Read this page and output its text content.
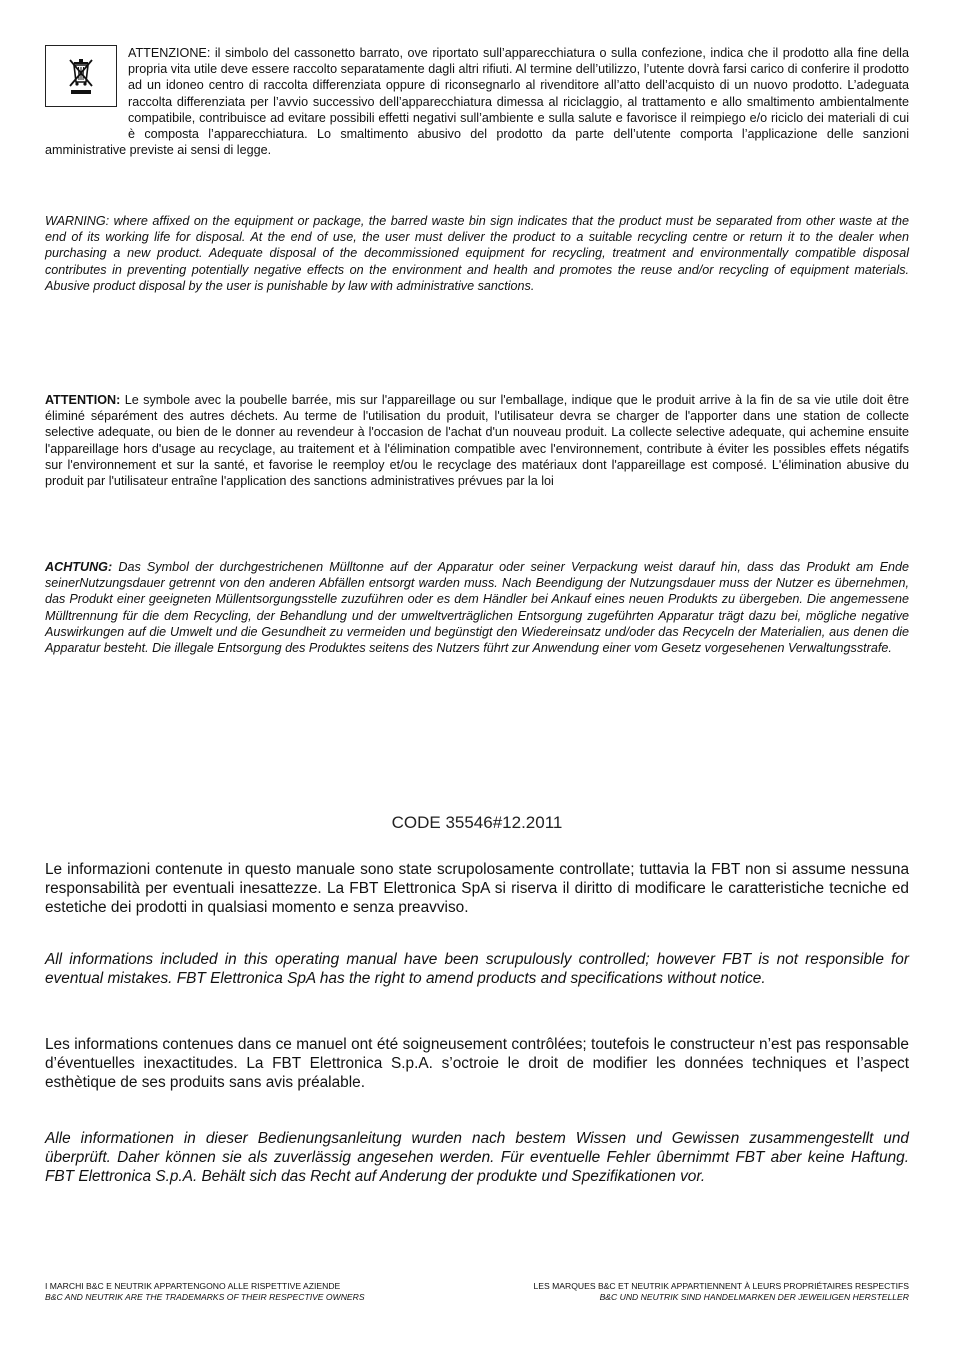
ATTENZIONE: il simbolo del cassonetto barrato, ove riportato sull’apparecchiatura o sulla confezione, indica che il prodotto alla fine della propria vita utile deve essere raccolto separatamente dagli altri rifiuti. Al termine dell’utilizzo, l’utente dovrà farsi carico di conferire il prodotto ad un idoneo centro di raccolta differenziata oppure di riconsegnarlo al rivenditore all’atto dell’acquisto di un nuovo prodotto. L’adeguata raccolta differenziata per l’avvio successivo dell’apparecchiatura dimessa al riciclaggio, al trattamento e allo smaltimento ambientalmente compatibile, contribuisce ad evitare possibili effetti negativi sull’ambiente e sulla salute e favorisce il reimpiego e/o riciclo dei materiali di cui è composta l’apparecchiatura. Lo smaltimento abusivo del prodotto da parte dell’utente comporta l’applicazione delle sanzioni amministrative previste ai sensi di legge.

WARNING: where affixed on the equipment or package, the barred waste bin sign indicates that the product must be separated from other waste at the end of its working life for disposal. At the end of use, the user must deliver the product to a suitable recycling centre or return it to the dealer when purchasing a new product. Adequate disposal of the decommissioned equipment for recycling, treatment and environmentally compatible disposal contributes in preventing potentially negative effects on the environment and health and promotes the reuse and/or recycling of equipment materials. Abusive product disposal by the user is punishable by law with administrative sanctions.

ATTENTION: Le symbole avec la poubelle barrée, mis sur l'appareillage ou sur l'emballage, indique que le produit arrive à la fin de sa vie utile doit être éliminé séparément des autres déchets. Au terme de l'utilisation du produit, l'utilisateur devra se charger de l'apporter dans une station de collecte selective adequate, ou bien de le donner au revendeur à l'occasion de l'achat d'un nouveau produit. La collecte selective adequate, qui achemine ensuite l'appareillage hors d'usage au recyclage, au traitement et à l'élimination compatible avec l'environnement, contribute à éviter les possibles effets négatifs sur l'environnement et sur la santé, et favorise le reemploy et/ou le recyclage des matériaux dont l'appareillage est composé. L'élimination abusive du produit par l'utilisateur entraîne l'application des sanctions administratives prévues par la loi

ACHTUNG: Das Symbol der durchgestrichenen Mülltonne auf der Apparatur oder seiner Verpackung weist darauf hin, dass das Produkt am Ende seinerNutzungsdauer getrennt von den anderen Abfällen entsorgt warden muss. Nach Beendigung der Nutzungsdauer muss der Nutzer es übernehmen, das Produkt einer geeigneten Müllentsorgungsstelle zuzuführen oder es dem Händler bei Ankauf eines neuen Produkts zu übergeben. Die angemessene Mülltrennung für die dem Recycling, der Behandlung und der umweltverträglichen Entsorgung zugeführten Apparatur trägt dazu bei, mögliche negative Auswirkungen auf die Umwelt und die Gesundheit zu vermeiden und begünstigt den Wiedereinsatz und/oder das Recyceln der Materialien, aus denen die Apparatur besteht. Die illegale Entsorgung des Produktes seitens des Nutzers führt zur Anwendung einer vom Gesetz vorgesehenen Verwaltungsstrafe.

CODE 35546#12.2011

Le informazioni contenute in questo manuale sono state scrupolosamente controllate; tuttavia la FBT non si assume nessuna responsabilità per eventuali inesattezze. La FBT Elettronica SpA si riserva il diritto di modificare le caratteristiche tecniche ed estetiche dei prodotti in qualsiasi momento e senza preavviso.

All informations included in this operating manual have been scrupulously controlled; however FBT is not responsible for eventual mistakes. FBT Elettronica SpA has the right to amend products and specifications without notice.

Les informations contenues dans ce manuel ont été soigneusement contrôlées; toutefois le constructeur n’est pas responsable d’éventuelles inexactitudes. La FBT Elettronica S.p.A. s’octroie le droit de modifier les données techniques et l’aspect esthètique de ses produits sans avis préalable.

Alle informationen in dieser Bedienungsanleitung wurden nach bestem Wissen und Gewissen zusammengestellt und überprüft. Daher können sie als zuverlässig angesehen werden. Für eventuelle Fehler ûbernimmt FBT aber keine Haftung. FBT Elettronica S.p.A. Behält sich das Recht auf Anderung der produkte und Spezifikationen vor.

I MARCHI B&C E NEUTRIK APPARTENGONO ALLE RISPETTIVE AZIENDE
B&C AND NEUTRIK ARE THE TRADEMARKS OF THEIR RESPECTIVE OWNERS
LES MARQUES B&C ET NEUTRIK APPARTIENNENT À LEURS PROPRIÉTAIRES RESPECTIFS
B&C UND NEUTRIK SIND HANDELMARKEN DER JEWEILIGEN HERSTELLER
